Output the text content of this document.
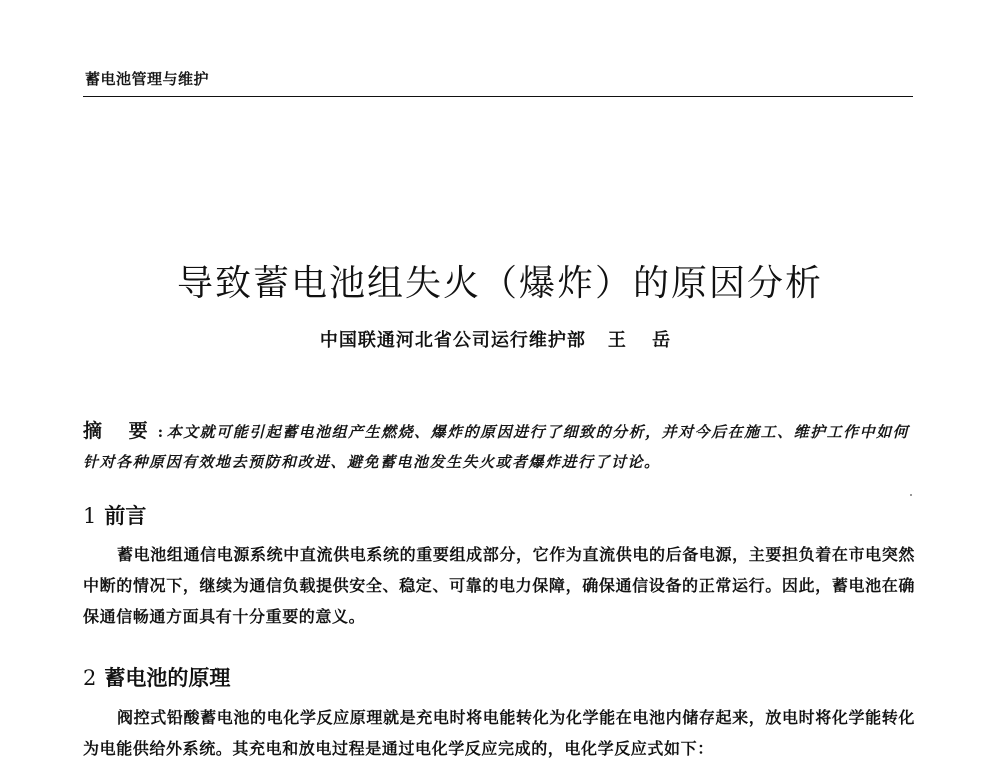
蓄电池管理与维护
导致蓄电池组失火（爆炸）的原因分析
中国联通河北省公司运行维护部 王 岳
摘 要: 本文就可能引起蓄电池组产生燃烧、爆炸的原因进行了细致的分析，并对今后在施工、维护工作中如何针对各种原因有效地去预防和改进、避免蓄电池发生失火或者爆炸进行了讨论。
1 前言

蓄电池组通信电源系统中直流供电系统的重要组成部分，它作为直流供电的后备电源，主要担负着在市电突然中断的情况下，继续为通信负载提供安全、稳定、可靠的电力保障，确保通信设备的正常运行。因此，蓄电池在确保通信畅通方面具有十分重要的意义。

2 蓄电池的原理

阀控式铅酸蓄电池的电化学反应原理就是充电时将电能转化为化学能在电池内储存起来，放电时将化学能转化为电能供给外系统。其充电和放电过程是通过电化学反应完成的，电化学反应式如下：
